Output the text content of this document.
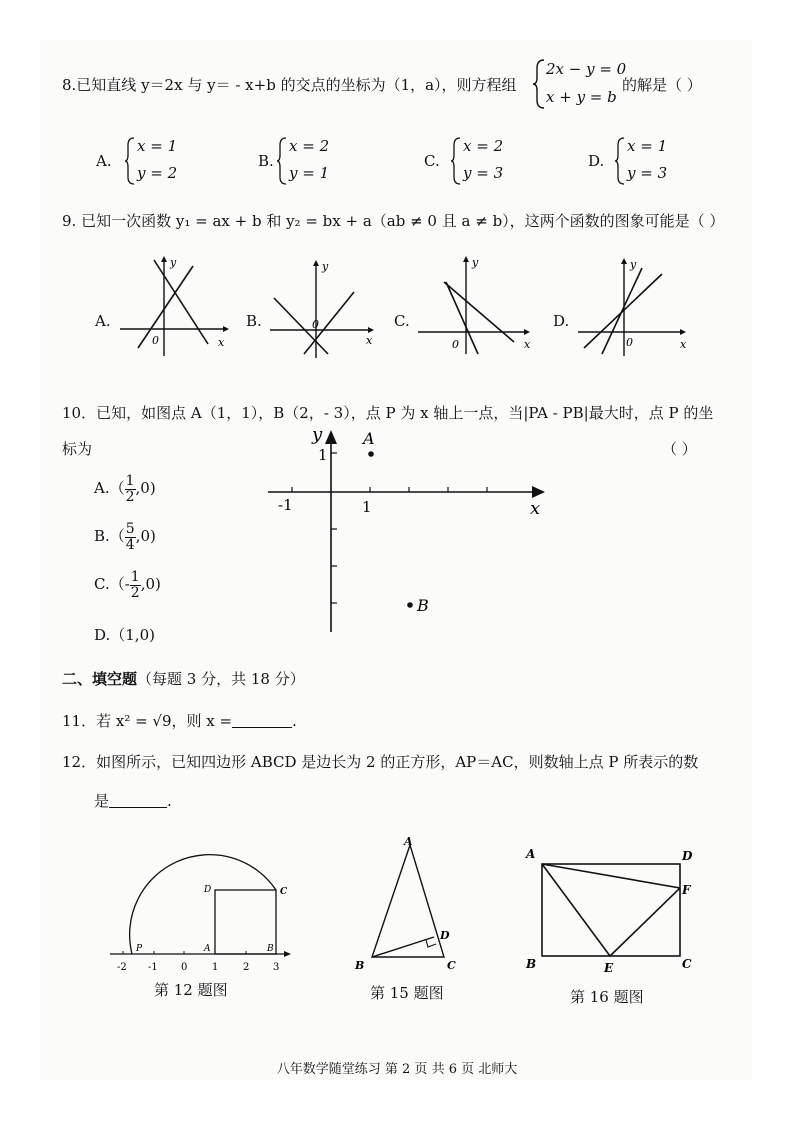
8.已知直线 y＝2x 与 y＝ - x+b 的交点的坐标为（1，a），则方程组
2x − y = 0
x + y = b
的解是（ ）
A.
x = 1
y = 2
B.
x = 2
y = 1
C.
x = 2
y = 3
D.
x = 1
y = 3
9. 已知一次函数 y₁ = ax + b 和 y₂ = bx + a（ab ≠ 0 且 a ≠ b），这两个函数的图象可能是（ ）
A.
y
x
0
B.
y
x
0	C.
y
x
0
D.
y
x
0
10．已知，如图点 A（1，1），B（2，- 3），点 P 为 x 轴上一点，当|PA - PB|最大时，点 P 的坐
标为	（ ）
$A.( \frac{1}{2} ,0)$
$B.( \frac{5}{4} ,0)$
$C.(- \frac{1}{2} ,0)$
D.（1,0)
y	A
B
1
1
-1	x
二、填空题（每题 3 分，共 18 分）
11．若 x² = √9，则 x =	.
12．如图所示，已知四边形 ABCD 是边长为 2 的正方形，AP＝AC，则数轴上点 P 所表示的数
是	.
-2 -1 0 1 2 3
P	A	B
C
D
第 12 题图
A
B	C
D
第 15 题图
A	D
F
B	E	C
第 16 题图
八年数学随堂练习 第 2 页 共 6 页 北师大
